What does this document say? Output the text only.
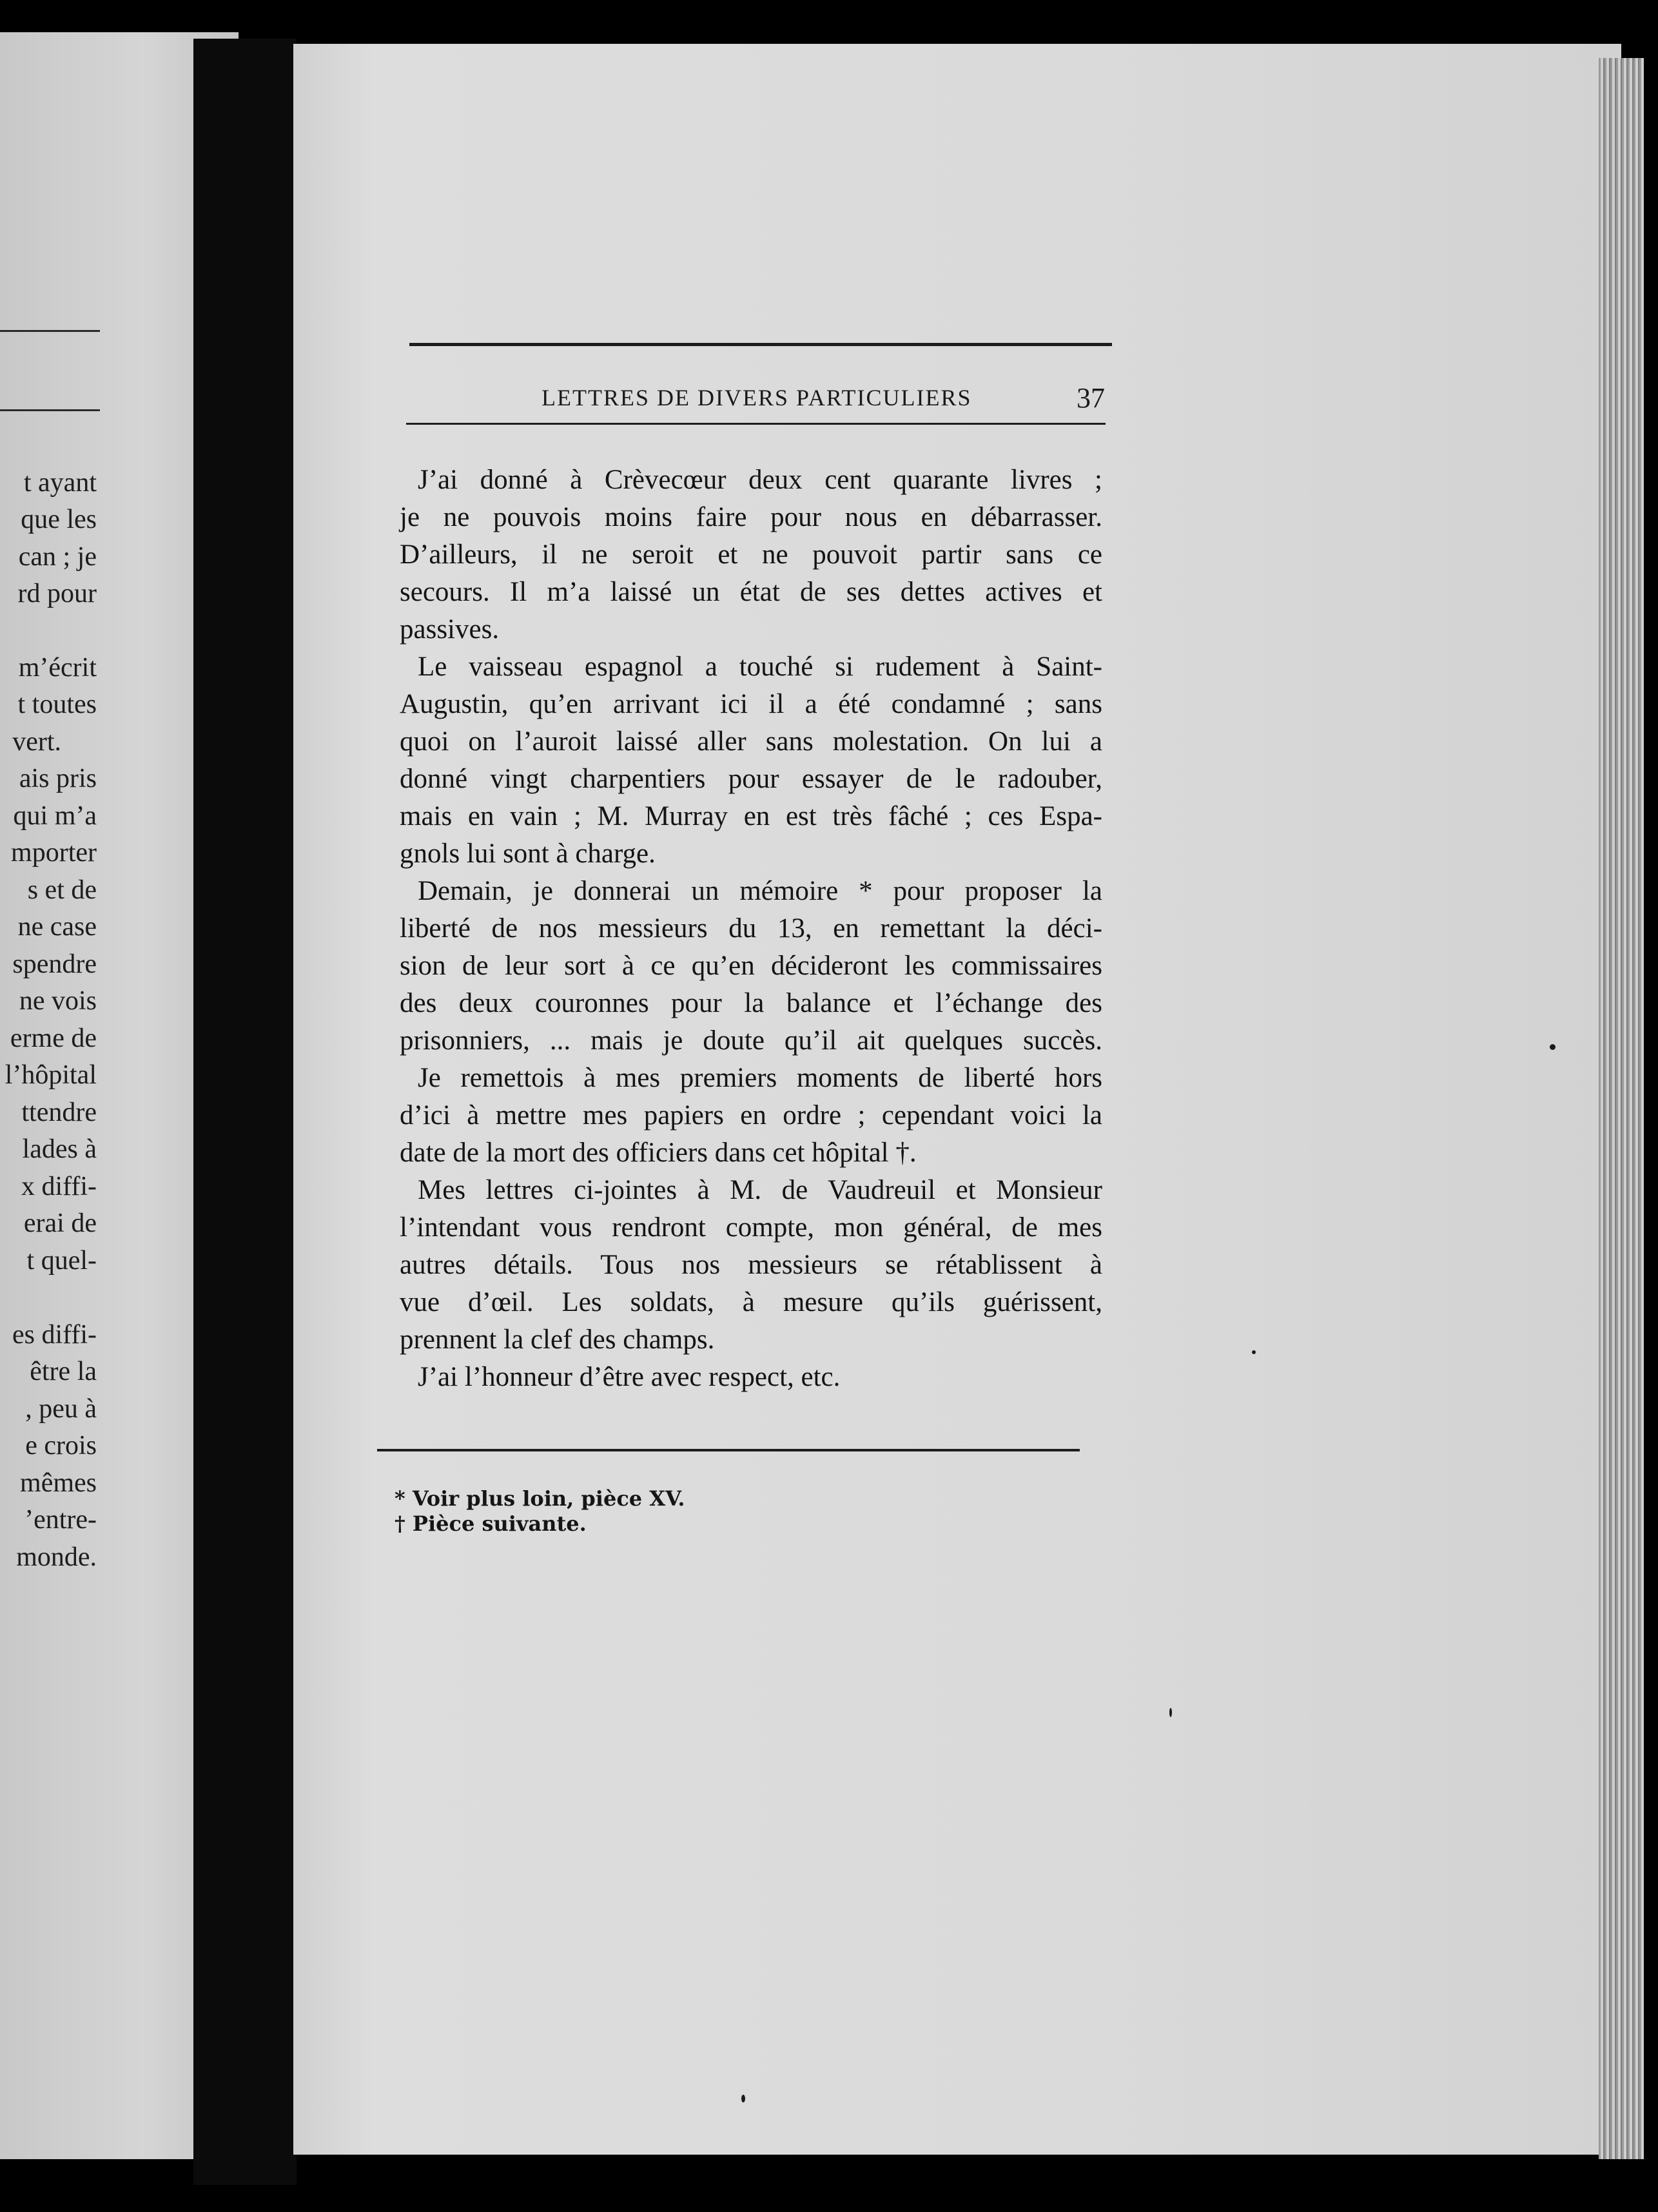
t ayant
que les
can ; je
rd pour
m’écrit
t toutes
vert.
ais pris
qui m’a
mporter
s et de
ne case
spendre
ne vois
erme de
l’hôpital
ttendre
lades à
x diffi-
erai de
t quel-
es diffi-
être la
, peu à
e crois
mêmes
’entre-
monde.
LETTRES DE DIVERS PARTICULIERS	37
J’ai donné à Crèvecœur deux cent quarante livres ;
je ne pouvois moins faire pour nous en débarrasser.
D’ailleurs, il ne seroit et ne pouvoit partir sans ce
secours. Il m’a laissé un état de ses dettes actives et
passives.
Le vaisseau espagnol a touché si rudement à Saint-
Augustin, qu’en arrivant ici il a été condamné ; sans
quoi on l’auroit laissé aller sans molestation. On lui a
donné vingt charpentiers pour essayer de le radouber,
mais en vain ; M. Murray en est très fâché ; ces Espa-
gnols lui sont à charge.
Demain, je donnerai un mémoire * pour proposer la
liberté de nos messieurs du 13, en remettant la déci-
sion de leur sort à ce qu’en décideront les commissaires
des deux couronnes pour la balance et l’échange des
prisonniers, ... mais je doute qu’il ait quelques succès.
Je remettois à mes premiers moments de liberté hors
d’ici à mettre mes papiers en ordre ; cependant voici la
date de la mort des officiers dans cet hôpital †.
Mes lettres ci-jointes à M. de Vaudreuil et Monsieur
l’intendant vous rendront compte, mon général, de mes
autres détails. Tous nos messieurs se rétablissent à
vue d’œil. Les soldats, à mesure qu’ils guérissent,
prennent la clef des champs.
J’ai l’honneur d’être avec respect, etc.
* Voir plus loin, pièce XV.
† Pièce suivante.
